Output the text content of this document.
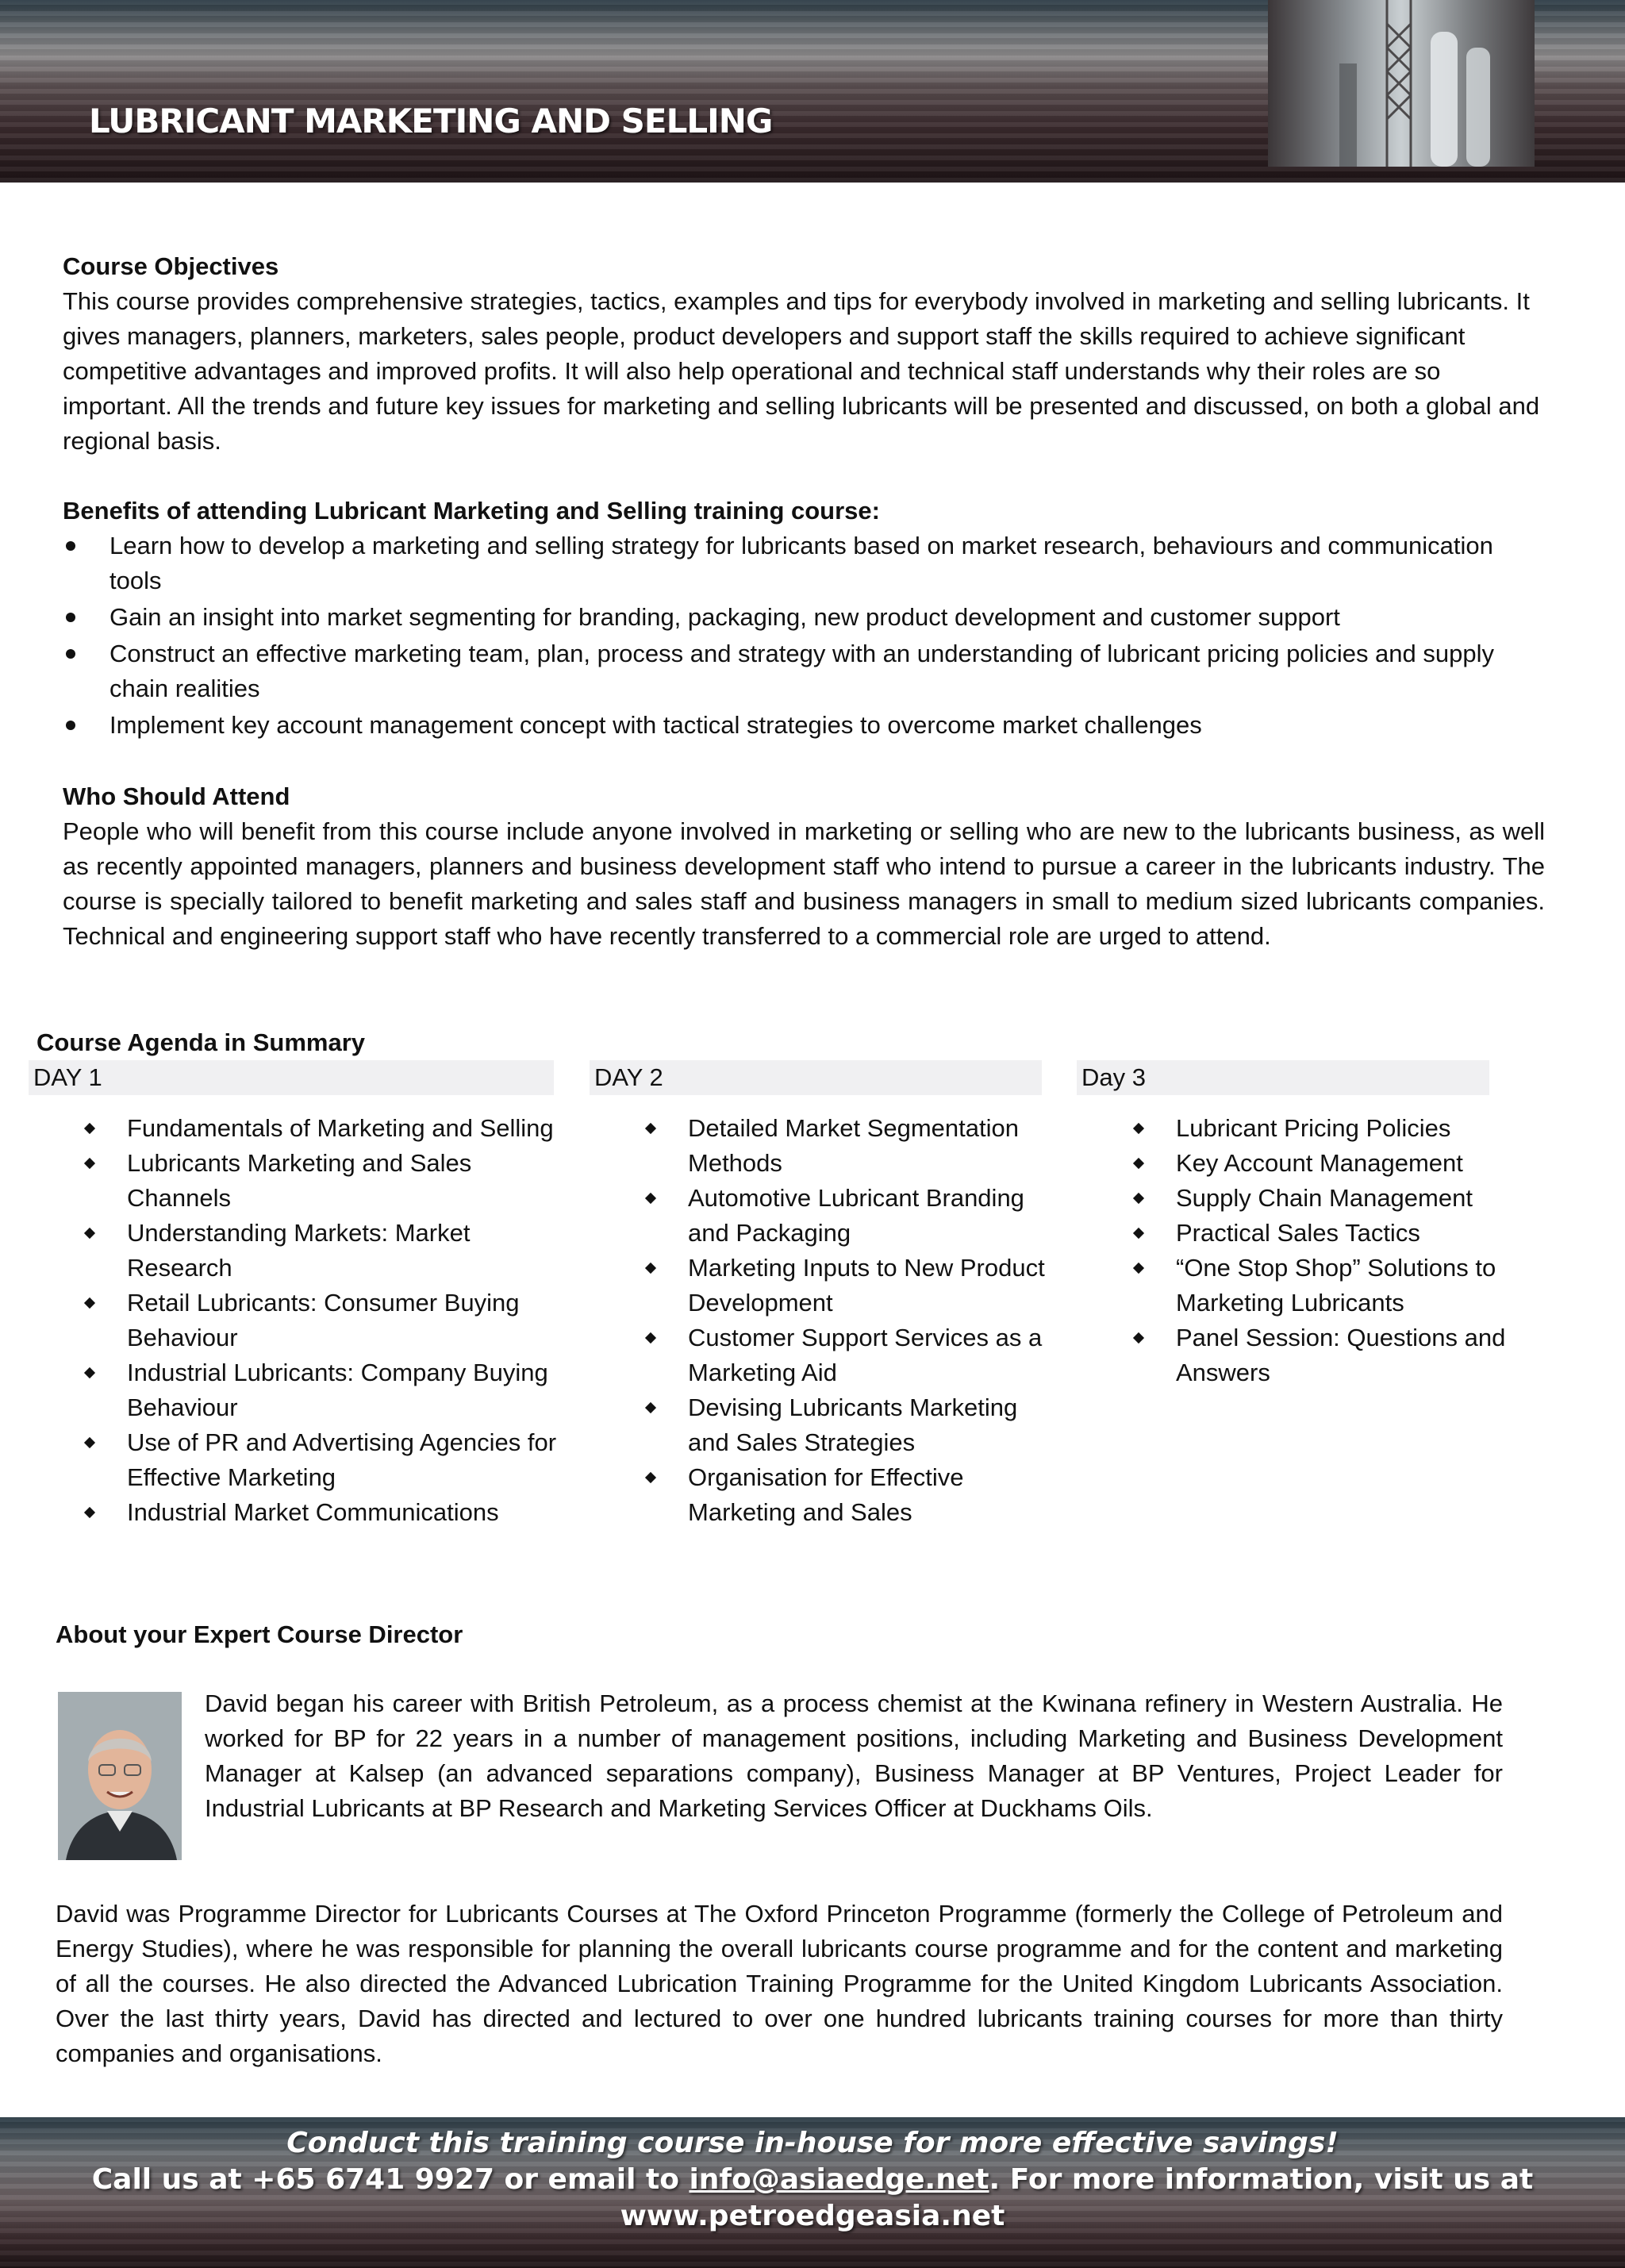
LUBRICANT MARKETING AND SELLING

Course Objectives

This course provides comprehensive strategies, tactics, examples and tips for everybody involved in marketing and selling lubricants. It gives managers, planners, marketers, sales people, product developers and support staff the skills required to achieve significant competitive advantages and improved profits. It will also help operational and technical staff understands why their roles are so important. All the trends and future key issues for marketing and selling lubricants will be presented and discussed, on both a global and regional basis.

Benefits of attending Lubricant Marketing and Selling training course:

Learn how to develop a marketing and selling strategy for lubricants based on market research, behaviours and communication tools
Gain an insight into market segmenting for branding, packaging, new product development and customer support
Construct an effective marketing team, plan, process and strategy with an understanding of lubricant pricing policies and supply chain realities
Implement key account management concept with tactical strategies to overcome market challenges

Who Should Attend

People who will benefit from this course include anyone involved in marketing or selling who are new to the lubricants business, as well as recently appointed managers, planners and business development staff who intend to pursue a career in the lubricants industry. The course is specially tailored to benefit marketing and sales staff and business managers in small to medium sized lubricants companies. Technical and engineering support staff who have recently transferred to a commercial role are urged to attend.

Course Agenda in Summary
DAY 1	DAY 2	Day 3
Fundamentals of Marketing and Selling
Lubricants Marketing and Sales Channels
Understanding Markets: Market Research
Retail Lubricants: Consumer Buying Behaviour
Industrial Lubricants: Company Buying Behaviour
Use of PR and Advertising Agencies for Effective Marketing
Industrial Market Communications
Detailed Market Segmentation Methods
Automotive Lubricant Branding and Packaging
Marketing Inputs to New Product Development
Customer Support Services as a Marketing Aid
Devising Lubricants Marketing and Sales Strategies
Organisation for Effective Marketing and Sales
Lubricant Pricing Policies
Key Account Management
Supply Chain Management
Practical Sales Tactics
“One Stop Shop” Solutions to Marketing Lubricants
Panel Session: Questions and Answers
About your Expert Course Director
David began his career with British Petroleum, as a process chemist at the Kwinana refinery in Western Australia. He worked for BP for 22 years in a number of management positions, including Marketing and Business Development Manager at Kalsep (an advanced separations company), Business Manager at BP Ventures, Project Leader for Industrial Lubricants at BP Research and Marketing Services Officer at Duckhams Oils.
David was Programme Director for Lubricants Courses at The Oxford Princeton Programme (formerly the College of Petroleum and Energy Studies), where he was responsible for planning the overall lubricants course programme and for the content and marketing of all the courses. He also directed the Advanced Lubrication Training Programme for the United Kingdom Lubricants Association. Over the last thirty years, David has directed and lectured to over one hundred lubricants training courses for more than thirty companies and organisations.
Conduct this training course in-house for more effective savings!
Call us at +65 6741 9927 or email to info@asiaedge.net. For more information, visit us at
www.petroedgeasia.net
